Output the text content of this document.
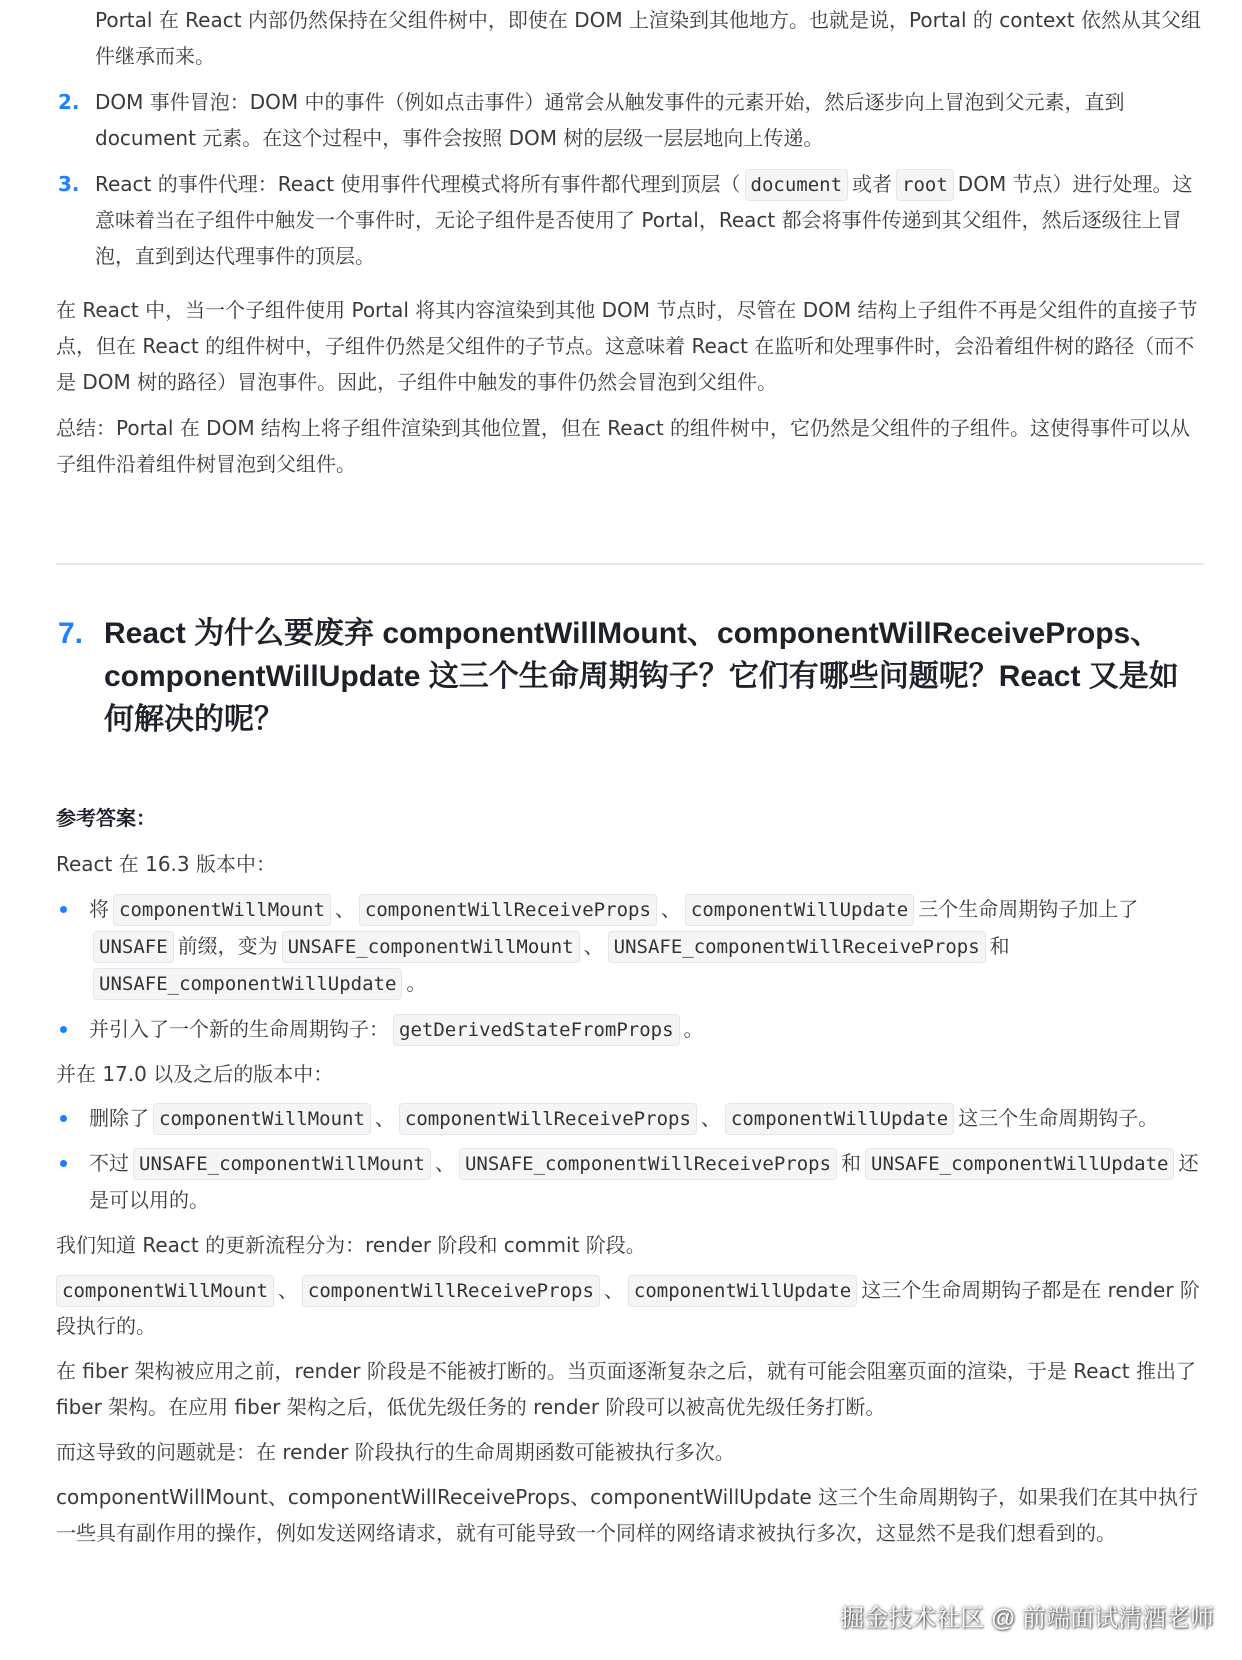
Portal 在 React 内部仍然保持在父组件树中，即使在 DOM 上渲染到其他地方。也就是说，Portal 的 context 依然从其父组件继承而来。
2. DOM 事件冒泡：DOM 中的事件（例如点击事件）通常会从触发事件的元素开始，然后逐步向上冒泡到父元素，直到 document 元素。在这个过程中，事件会按照 DOM 树的层级一层层地向上传递。
3. React 的事件代理：React 使用事件代理模式将所有事件都代理到顶层（ document 或者 root DOM 节点）进行处理。这意味着当在子组件中触发一个事件时，无论子组件是否使用了 Portal，React 都会将事件传递到其父组件，然后逐级往上冒泡，直到到达代理事件的顶层。

在 React 中，当一个子组件使用 Portal 将其内容渲染到其他 DOM 节点时，尽管在 DOM 结构上子组件不再是父组件的直接子节点，但在 React 的组件树中，子组件仍然是父组件的子节点。这意味着 React 在监听和处理事件时，会沿着组件树的路径（而不是 DOM 树的路径）冒泡事件。因此，子组件中触发的事件仍然会冒泡到父组件。

总结：Portal 在 DOM 结构上将子组件渲染到其他位置，但在 React 的组件树中，它仍然是父组件的子组件。这使得事件可以从子组件沿着组件树冒泡到父组件。

7. React 为什么要废弃 componentWillMount、componentWillReceiveProps、componentWillUpdate 这三个生命周期钩子？它们有哪些问题呢？React 又是如何解决的呢？
参考答案：

React 在 16.3 版本中：

将 componentWillMount 、 componentWillReceiveProps 、 componentWillUpdate 三个生命周期钩子加上了UNSAFE 前缀，变为 UNSAFE_componentWillMount 、 UNSAFE_componentWillReceiveProps 和UNSAFE_componentWillUpdate 。
并引入了一个新的生命周期钩子： getDerivedStateFromProps 。

并在 17.0 以及之后的版本中：

删除了 componentWillMount 、 componentWillReceiveProps 、 componentWillUpdate 这三个生命周期钩子。
不过 UNSAFE_componentWillMount 、 UNSAFE_componentWillReceiveProps 和 UNSAFE_componentWillUpdate 还是可以用的。

我们知道 React 的更新流程分为：render 阶段和 commit 阶段。

componentWillMount 、 componentWillReceiveProps 、 componentWillUpdate 这三个生命周期钩子都是在 render 阶段执行的。

在 fiber 架构被应用之前，render 阶段是不能被打断的。当页面逐渐复杂之后，就有可能会阻塞页面的渲染，于是 React 推出了 fiber 架构。在应用 fiber 架构之后，低优先级任务的 render 阶段可以被高优先级任务打断。

而这导致的问题就是：在 render 阶段执行的生命周期函数可能被执行多次。

componentWillMount、componentWillReceiveProps、componentWillUpdate 这三个生命周期钩子，如果我们在其中执行一些具有副作用的操作，例如发送网络请求，就有可能导致一个同样的网络请求被执行多次，这显然不是我们想看到的。

掘金技术社区 @ 前端面试清酒老师
